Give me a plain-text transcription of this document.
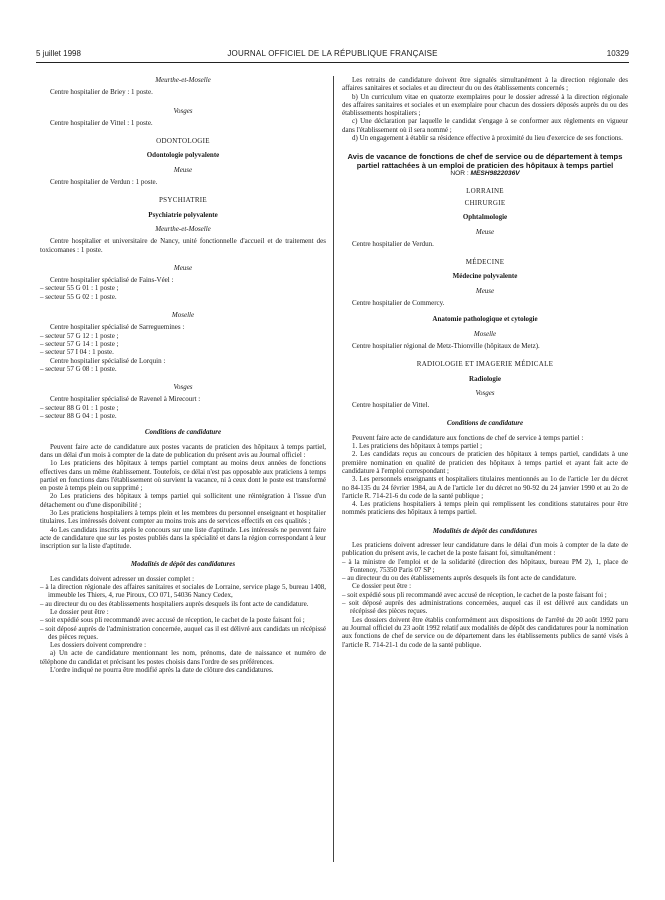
5 juillet 1998	JOURNAL OFFICIEL DE LA RÉPUBLIQUE FRANÇAISE	10329

Meurthe-et-Moselle

Centre hospitalier de Briey : 1 poste.

Vosges

Centre hospitalier de Vittel : 1 poste.

ODONTOLOGIE

Odontologie polyvalente

Meuse

Centre hospitalier de Verdun : 1 poste.

PSYCHIATRIE

Psychiatrie polyvalente

Meurthe-et-Moselle

Centre hospitalier et universitaire de Nancy, unité fonctionnelle d'accueil et de traitement des toxicomanes : 1 poste.

Meuse

Centre hospitalier spécialisé de Fains-Véel :

– secteur 55 G 01 : 1 poste ;

– secteur 55 G 02 : 1 poste.

Moselle

Centre hospitalier spécialisé de Sarreguemines :

– secteur 57 G 12 : 1 poste ;

– secteur 57 G 14 : 1 poste ;

– secteur 57 I 04 : 1 poste.

Centre hospitalier spécialisé de Lorquin :

– secteur 57 G 08 : 1 poste.

Vosges

Centre hospitalier spécialisé de Ravenel à Mirecourt :

– secteur 88 G 01 : 1 poste ;

– secteur 88 G 04 : 1 poste.

Conditions de candidature

Peuvent faire acte de candidature aux postes vacants de praticien des hôpitaux à temps partiel, dans un délai d'un mois à compter de la date de publication du présent avis au Journal officiel :

1o Les praticiens des hôpitaux à temps partiel comptant au moins deux années de fonctions effectives dans un même établissement. Toutefois, ce délai n'est pas opposable aux praticiens à temps partiel en fonctions dans l'établissement où survient la vacance, ni à ceux dont le poste est transformé en poste à temps plein ou supprimé ;

2o Les praticiens des hôpitaux à temps partiel qui sollicitent une réintégration à l'issue d'un détachement ou d'une disponibilité ;

3o Les praticiens hospitaliers à temps plein et les membres du personnel enseignant et hospitalier titulaires. Les intéressés doivent compter au moins trois ans de services effectifs en ces qualités ;

4o Les candidats inscrits après le concours sur une liste d'aptitude. Les intéressés ne peuvent faire acte de candidature que sur les postes publiés dans la spécialité et dans la région correspondant à leur inscription sur la liste d'aptitude.

Modalités de dépôt des candidatures

Les candidats doivent adresser un dossier complet :

– à la direction régionale des affaires sanitaires et sociales de Lorraine, service plage 5, bureau 1408, immeuble les Thiers, 4, rue Piroux, CO 071, 54036 Nancy Cedex,
– au directeur du ou des établissements hospitaliers auprès desquels ils font acte de candidature.

Le dossier peut être :

– soit expédié sous pli recommandé avec accusé de réception, le cachet de la poste faisant foi ;
– soit déposé auprès de l'administration concernée, auquel cas il est délivré aux candidats un récépissé des pièces reçues.

Les dossiers doivent comprendre :

a) Un acte de candidature mentionnant les nom, prénoms, date de naissance et numéro de téléphone du candidat et précisant les postes choisis dans l'ordre de ses préférences.

L'ordre indiqué ne pourra être modifié après la date de clôture des candidatures.

Les retraits de candidature doivent être signalés simultanément à la direction régionale des affaires sanitaires et sociales et au directeur du ou des établissements concernés ;

b) Un curriculum vitae en quatorze exemplaires pour le dossier adressé à la direction régionale des affaires sanitaires et sociales et un exemplaire pour chacun des dossiers déposés auprès du ou des établissements hospitaliers ;

c) Une déclaration par laquelle le candidat s'engage à se conformer aux règlements en vigueur dans l'établissement où il sera nommé ;

d) Un engagement à établir sa résidence effective à proximité du lieu d'exercice de ses fonctions.

Avis de vacance de fonctions de chef de service ou de département à temps partiel rattachées à un emploi de praticien des hôpitaux à temps partiel

NOR : MESH9822036V

LORRAINE

CHIRURGIE

Ophtalmologie

Meuse

Centre hospitalier de Verdun.

MÉDECINE

Médecine polyvalente

Meuse

Centre hospitalier de Commercy.

Anatomie pathologique et cytologie

Moselle

Centre hospitalier régional de Metz-Thionville (hôpitaux de Metz).

RADIOLOGIE ET IMAGERIE MÉDICALE

Radiologie

Vosges

Centre hospitalier de Vittel.

Conditions de candidature

Peuvent faire acte de candidature aux fonctions de chef de service à temps partiel :

1. Les praticiens des hôpitaux à temps partiel ;

2. Les candidats reçus au concours de praticien des hôpitaux à temps partiel, candidats à une première nomination en qualité de praticien des hôpitaux à temps partiel et ayant fait acte de candidature à l'emploi correspondant ;

3. Les personnels enseignants et hospitaliers titulaires mentionnés au 1o de l'article 1er du décret no 84-135 du 24 février 1984, au A de l'article 1er du décret no 90-92 du 24 janvier 1990 et au 2o de l'article R. 714-21-6 du code de la santé publique ;

4. Les praticiens hospitaliers à temps plein qui remplissent les conditions statutaires pour être nommés praticiens des hôpitaux à temps partiel.

Modalités de dépôt des candidatures

Les praticiens doivent adresser leur candidature dans le délai d'un mois à compter de la date de publication du présent avis, le cachet de la poste faisant foi, simultanément :

– à la ministre de l'emploi et de la solidarité (direction des hôpitaux, bureau PM 2), 1, place de Fontenoy, 75350 Paris 07 SP ;
– au directeur du ou des établissements auprès desquels ils font acte de candidature.

Ce dossier peut être :

– soit expédié sous pli recommandé avec accusé de réception, le cachet de la poste faisant foi ;
– soit déposé auprès des administrations concernées, auquel cas il est délivré aux candidats un récépissé des pièces reçues.

Les dossiers doivent être établis conformément aux dispositions de l'arrêté du 20 août 1992 paru au Journal officiel du 23 août 1992 relatif aux modalités de dépôt des candidatures pour la nomination aux fonctions de chef de service ou de département dans les établissements publics de santé visés à l'article R. 714-21-1 du code de la santé publique.
